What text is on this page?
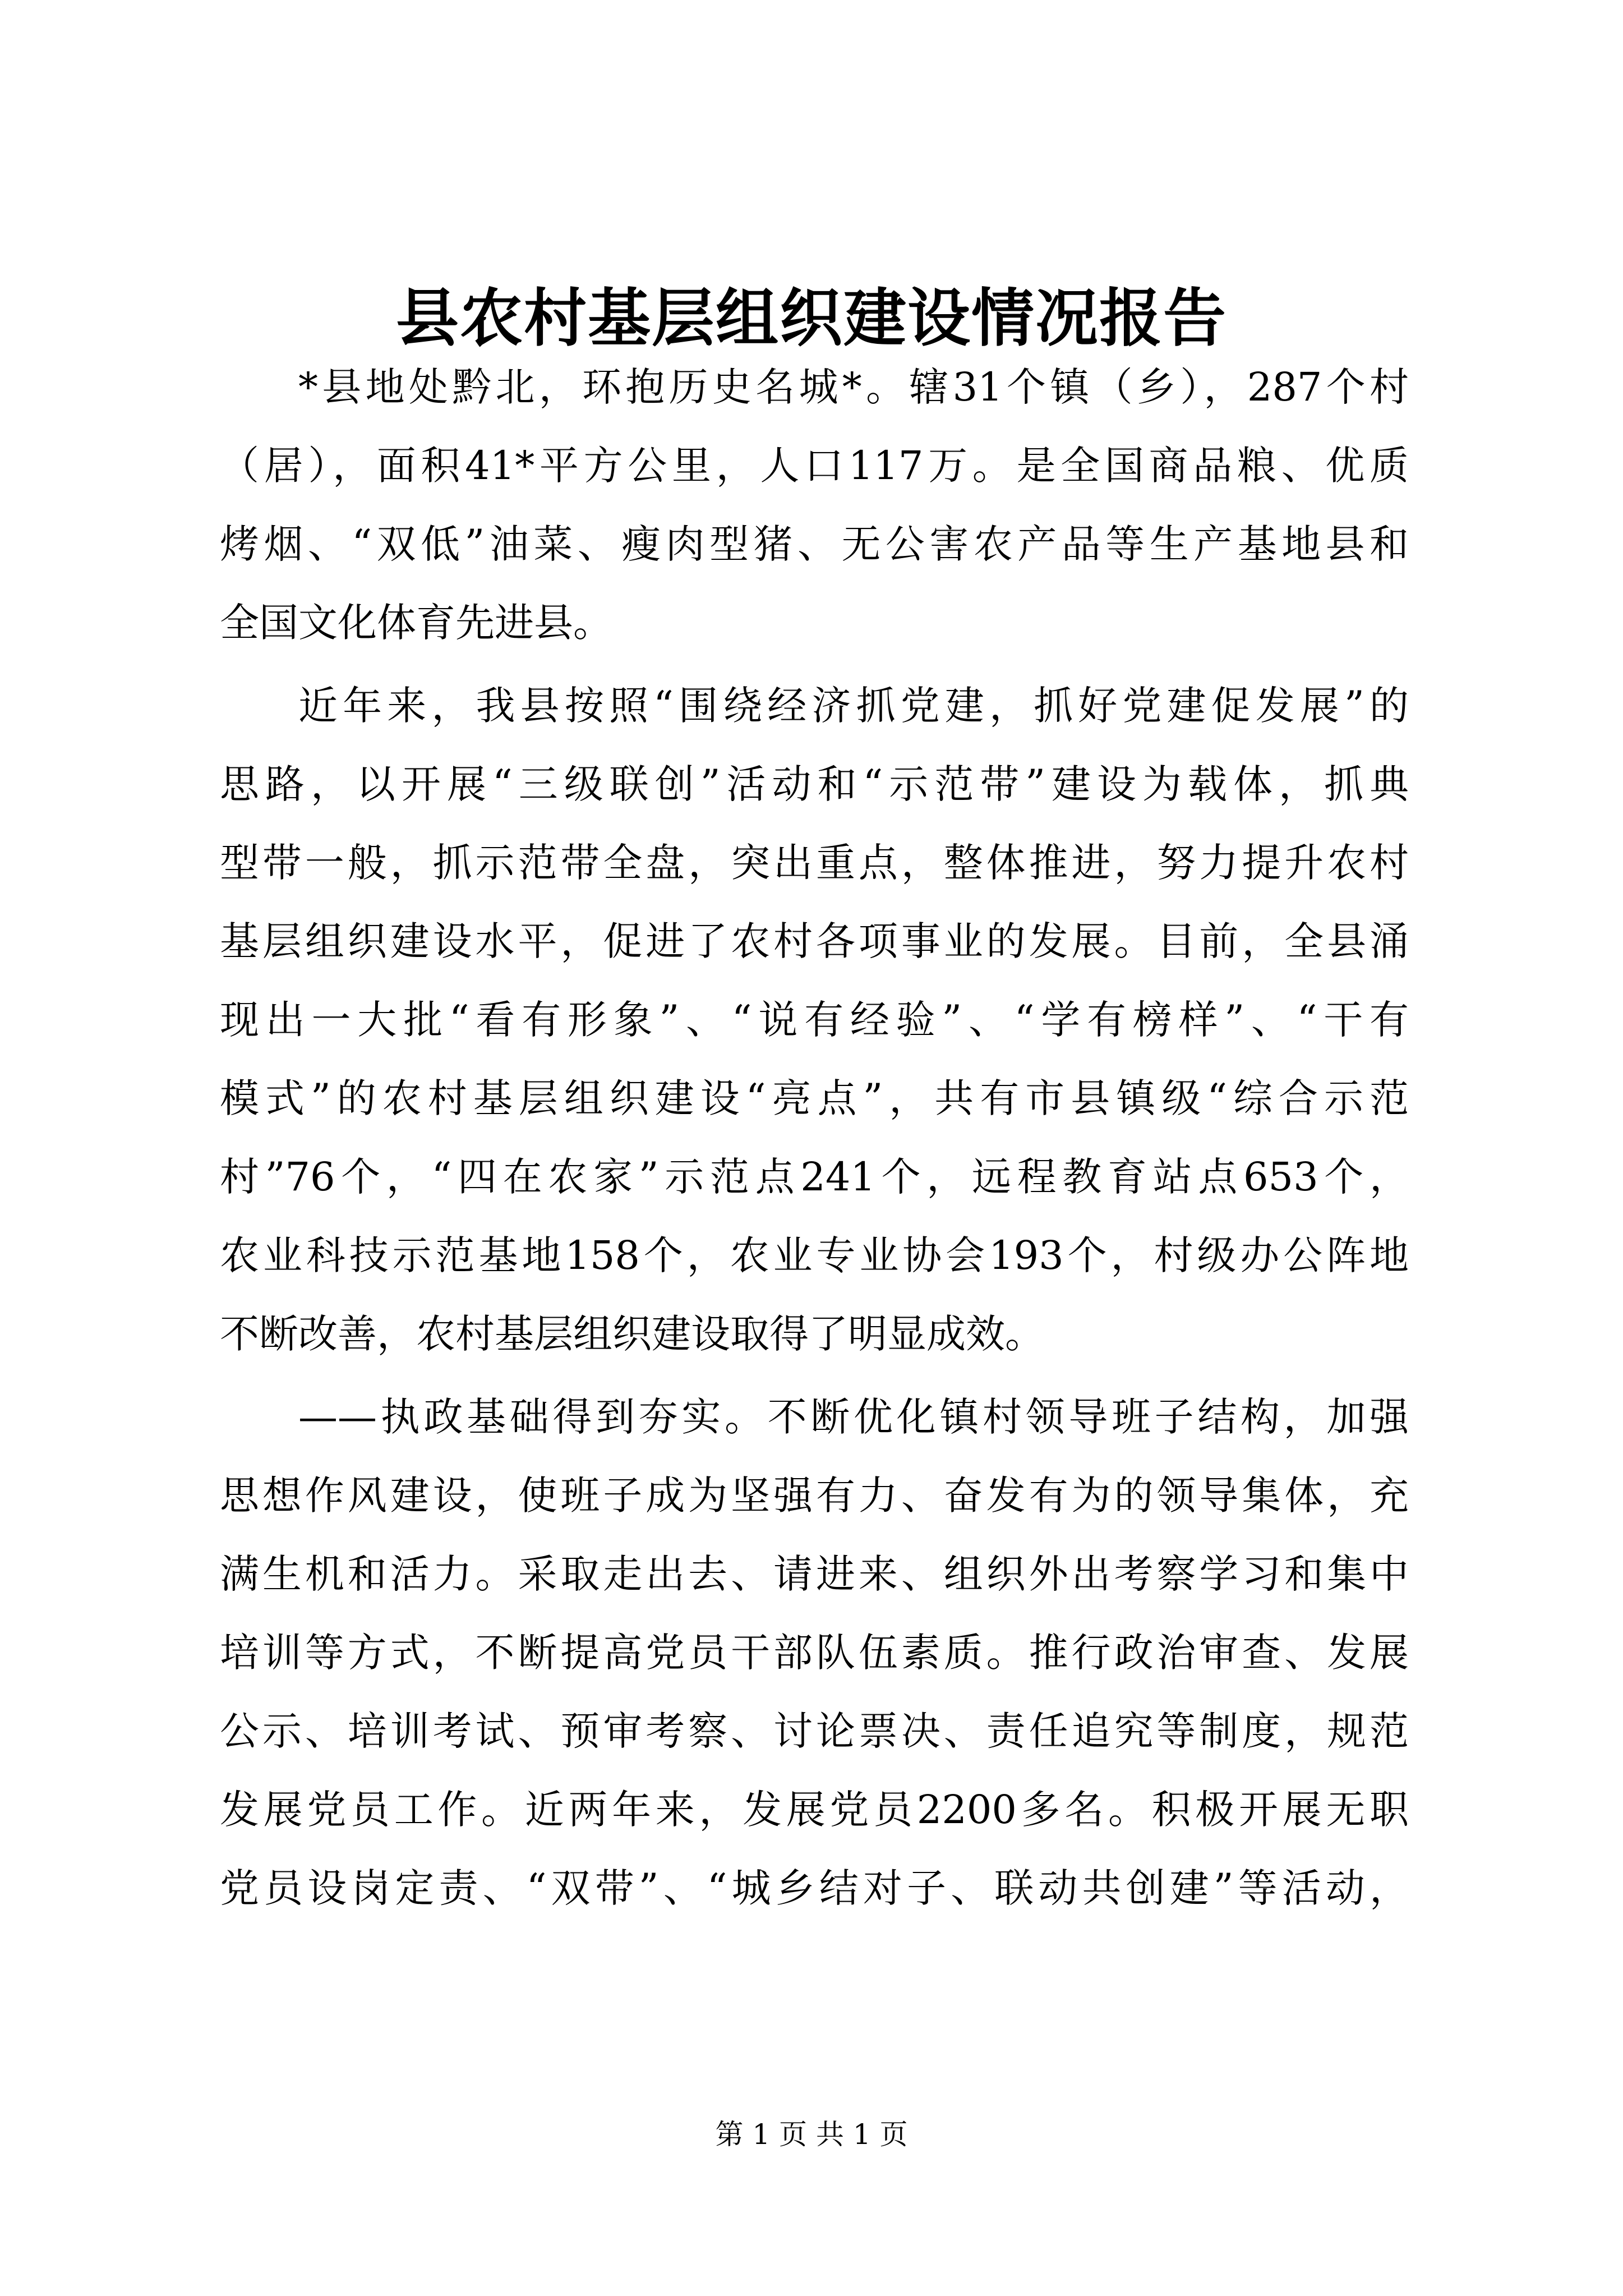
县农村基层组织建设情况报告
*县地处黔北，环抱历史名城*。辖31个镇（乡），287个村
（居），面积41*平方公里，人口117万。是全国商品粮、优质
烤烟、“双低”油菜、瘦肉型猪、无公害农产品等生产基地县和
全国文化体育先进县。
近年来，我县按照“围绕经济抓党建，抓好党建促发展”的
思路，以开展“三级联创”活动和“示范带”建设为载体，抓典
型带一般，抓示范带全盘，突出重点，整体推进，努力提升农村
基层组织建设水平，促进了农村各项事业的发展。目前，全县涌
现出一大批“看有形象”、“说有经验”、“学有榜样”、“干有
模式”的农村基层组织建设“亮点”，共有市县镇级“综合示范
村”76个，“四在农家”示范点241个，远程教育站点653个，
农业科技示范基地158个，农业专业协会193个，村级办公阵地
不断改善，农村基层组织建设取得了明显成效。
——执政基础得到夯实。不断优化镇村领导班子结构，加强
思想作风建设，使班子成为坚强有力、奋发有为的领导集体，充
满生机和活力。采取走出去、请进来、组织外出考察学习和集中
培训等方式，不断提高党员干部队伍素质。推行政治审查、发展
公示、培训考试、预审考察、讨论票决、责任追究等制度，规范
发展党员工作。近两年来，发展党员2200多名。积极开展无职
党员设岗定责、“双带”、“城乡结对子、联动共创建”等活动，
第 1 页 共 1 页
